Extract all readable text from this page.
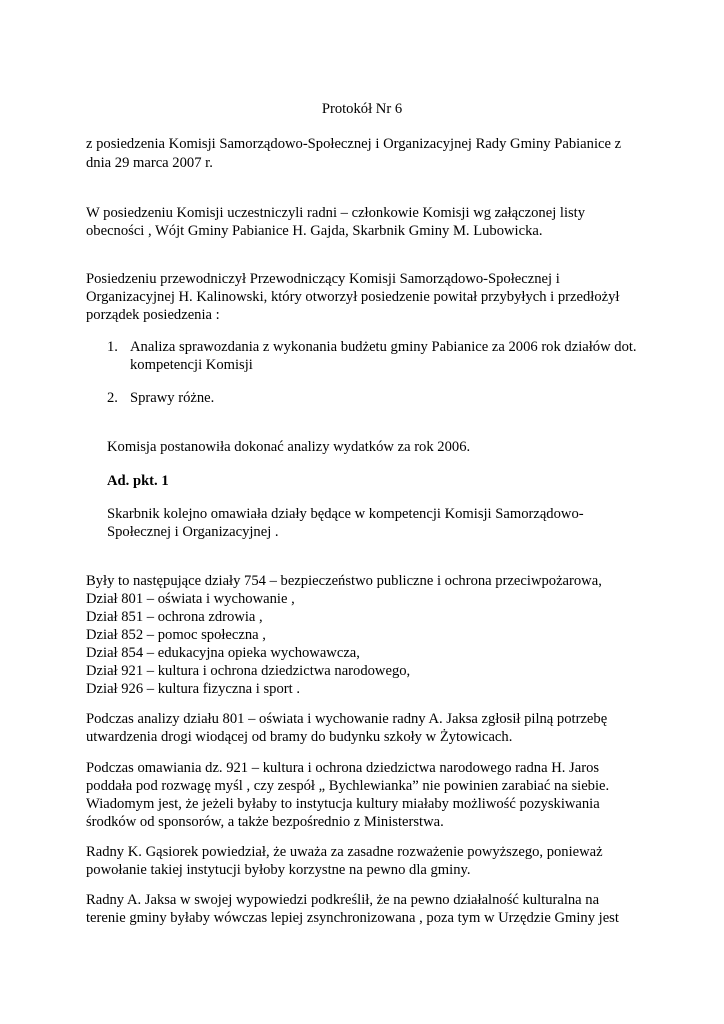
Protokół Nr 6
z posiedzenia Komisji Samorządowo-Społecznej i Organizacyjnej Rady Gminy Pabianice z
dnia 29 marca 2007 r.
W posiedzeniu Komisji uczestniczyli radni – członkowie Komisji wg załączonej listy
obecności , Wójt Gminy Pabianice H. Gajda, Skarbnik Gminy M. Lubowicka.
Posiedzeniu przewodniczył Przewodniczący Komisji Samorządowo-Społecznej i
Organizacyjnej H. Kalinowski, który otworzył posiedzenie powitał przybyłych i przedłożył
porządek posiedzenia :
1. Analiza sprawozdania z wykonania budżetu gminy Pabianice za 2006 rok działów dot.
kompetencji Komisji
2. Sprawy różne.
Komisja postanowiła dokonać analizy wydatków za rok 2006.
Ad. pkt. 1
Skarbnik kolejno omawiała działy będące w kompetencji Komisji Samorządowo-
Społecznej i Organizacyjnej .
Były to następujące działy 754 – bezpieczeństwo publiczne i ochrona przeciwpożarowa,
Dział 801 – oświata i wychowanie ,
Dział 851 – ochrona zdrowia ,
Dział 852 – pomoc społeczna ,
Dział 854 – edukacyjna opieka wychowawcza,
Dział 921 – kultura i ochrona dziedzictwa narodowego,
Dział 926 – kultura fizyczna i sport .
Podczas analizy działu 801 – oświata i wychowanie radny A. Jaksa zgłosił pilną potrzebę
utwardzenia drogi wiodącej od bramy do budynku szkoły w Żytowicach.
Podczas omawiania dz. 921 – kultura i ochrona dziedzictwa narodowego radna H. Jaros
poddała pod rozwagę myśl , czy zespół „ Bychlewianka” nie powinien zarabiać na siebie.
Wiadomym jest, że jeżeli byłaby to instytucja kultury miałaby możliwość pozyskiwania
środków od sponsorów, a także bezpośrednio z Ministerstwa.
Radny K. Gąsiorek powiedział, że uważa za zasadne rozważenie powyższego, ponieważ
powołanie takiej instytucji byłoby korzystne na pewno dla gminy.
Radny A. Jaksa w swojej wypowiedzi podkreślił, że na pewno działalność kulturalna na
terenie gminy byłaby wówczas lepiej zsynchronizowana , poza tym w Urzędzie Gminy jest
